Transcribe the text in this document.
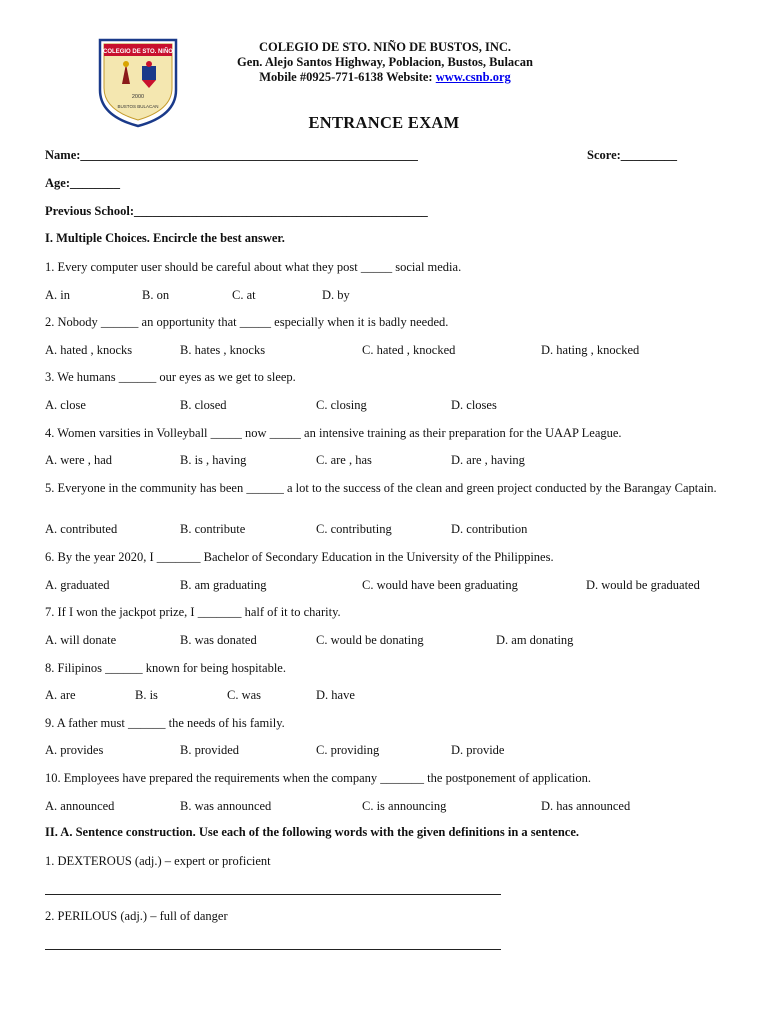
COLEGIO DE STO. NIÑO
2000
BUSTOS BULACAN
COLEGIO DE STO. NIÑO DE BUSTOS, INC.
Gen. Alejo Santos Highway, Poblacion, Bustos, Bulacan
Mobile #0925-771-6138 Website: www.csnb.org
ENTRANCE EXAM
Name:______________________________________________________	Score:_________
Age:________
Previous School:_______________________________________________
I. Multiple Choices. Encircle the best answer.
1. Every computer user should be careful about what they post _____ social media.
A. in	B. on	C. at	D. by
2. Nobody ______ an opportunity that _____ especially when it is badly needed.
A. hated , knocks	B. hates , knocks	C. hated , knocked	D. hating , knocked
3. We humans ______ our eyes as we get to sleep.
A. close	B. closed	C. closing	D. closes
4. Women varsities in Volleyball _____ now _____ an intensive training as their preparation for the UAAP League.
A. were , had	B. is , having	C. are , has	D. are , having
5. Everyone in the community has been ______ a lot to the success of the clean and green project conducted by the Barangay Captain.
A. contributed	B. contribute	C. contributing	D. contribution
6. By the year 2020, I _______ Bachelor of Secondary Education in the University of the Philippines.
A. graduated	B. am graduating	C. would have been graduating	D. would be graduated
7. If I won the jackpot prize, I _______ half of it to charity.
A. will donate	B. was donated	C. would be donating	D. am donating
8. Filipinos ______ known for being hospitable.
A. are	B. is	C. was	D. have
9. A father must ______ the needs of his family.
A. provides	B. provided	C. providing	D. provide
10. Employees have prepared the requirements when the company _______ the postponement of application.
A. announced	B. was announced	C. is announcing	D. has announced
II. A. Sentence construction. Use each of the following words with the given definitions in a sentence.
1. DEXTEROUS (adj.) – expert or proficient
2. PERILOUS (adj.) – full of danger
